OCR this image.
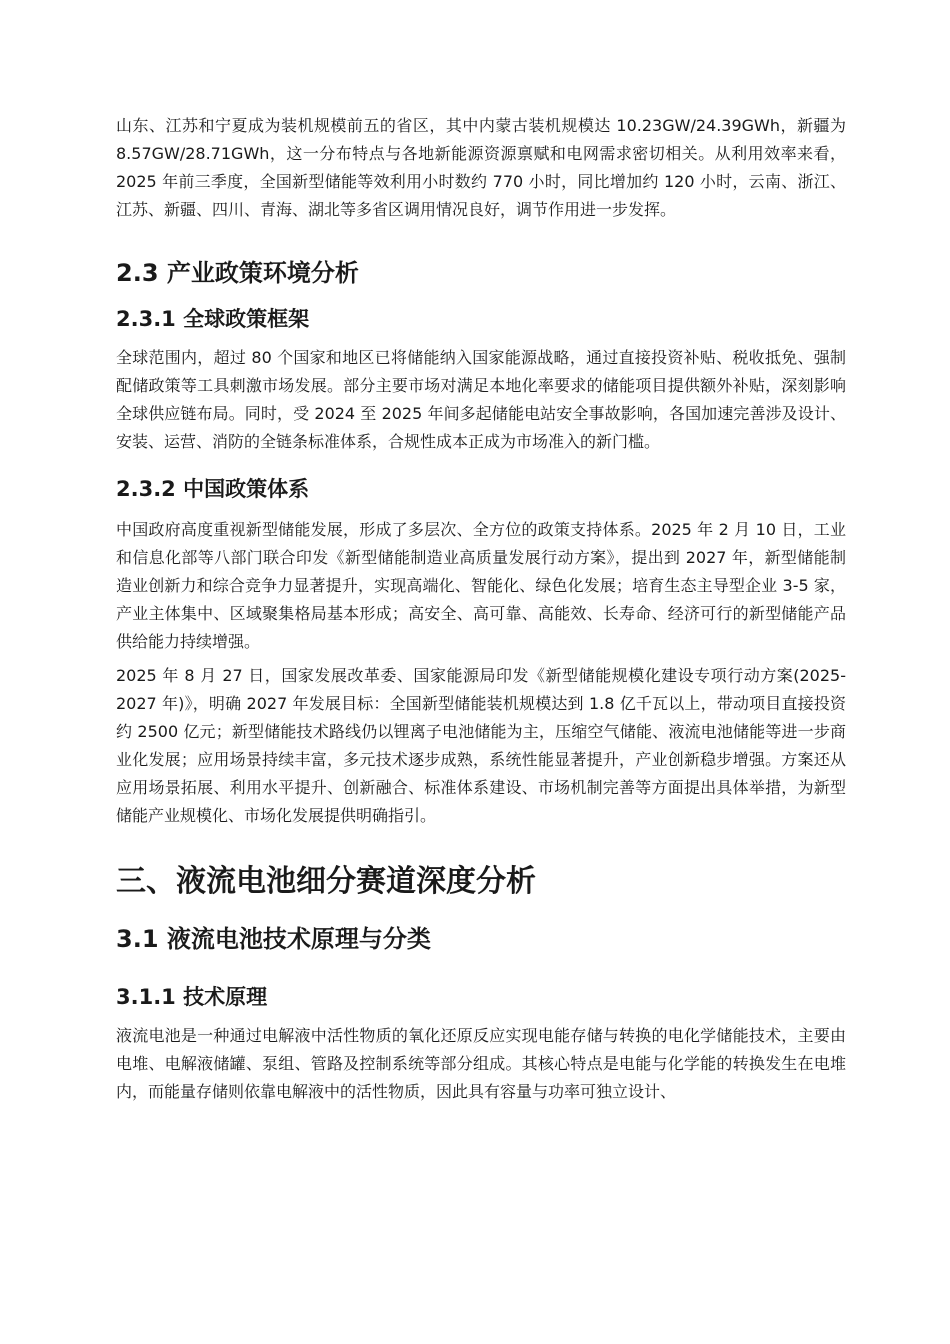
山东、江苏和宁夏成为装机规模前五的省区，其中内蒙古装机规模达 10.23GW/24.39GWh，新疆为 8.57GW/28.71GWh，这一分布特点与各地新能源资源禀赋和电网需求密切相关。从利用效率来看，2025 年前三季度，全国新型储能等效利用小时数约 770 小时，同比增加约 120 小时，云南、浙江、江苏、新疆、四川、青海、湖北等多省区调用情况良好，调节作用进一步发挥。

2.3 产业政策环境分析
2.3.1 全球政策框架

全球范围内，超过 80 个国家和地区已将储能纳入国家能源战略，通过直接投资补贴、税收抵免、强制配储政策等工具刺激市场发展。部分主要市场对满足本地化率要求的储能项目提供额外补贴，深刻影响全球供应链布局。同时，受 2024 至 2025 年间多起储能电站安全事故影响，各国加速完善涉及设计、安装、运营、消防的全链条标准体系，合规性成本正成为市场准入的新门槛。

2.3.2 中国政策体系

中国政府高度重视新型储能发展，形成了多层次、全方位的政策支持体系。2025 年 2 月 10 日，工业和信息化部等八部门联合印发《新型储能制造业高质量发展行动方案》，提出到 2027 年，新型储能制造业创新力和综合竞争力显著提升，实现高端化、智能化、绿色化发展；培育生态主导型企业 3-5 家，产业主体集中、区域聚集格局基本形成；高安全、高可靠、高能效、长寿命、经济可行的新型储能产品供给能力持续增强。

2025 年 8 月 27 日，国家发展改革委、国家能源局印发《新型储能规模化建设专项行动方案(2025-2027 年)》，明确 2027 年发展目标：全国新型储能装机规模达到 1.8 亿千瓦以上，带动项目直接投资约 2500 亿元；新型储能技术路线仍以锂离子电池储能为主，压缩空气储能、液流电池储能等进一步商业化发展；应用场景持续丰富，多元技术逐步成熟，系统性能显著提升，产业创新稳步增强。方案还从应用场景拓展、利用水平提升、创新融合、标准体系建设、市场机制完善等方面提出具体举措，为新型储能产业规模化、市场化发展提供明确指引。

三、液流电池细分赛道深度分析
3.1 液流电池技术原理与分类
3.1.1 技术原理

液流电池是一种通过电解液中活性物质的氧化还原反应实现电能存储与转换的电化学储能技术，主要由电堆、电解液储罐、泵组、管路及控制系统等部分组成。其核心特点是电能与化学能的转换发生在电堆内，而能量存储则依靠电解液中的活性物质，因此具有容量与功率可独立设计、
